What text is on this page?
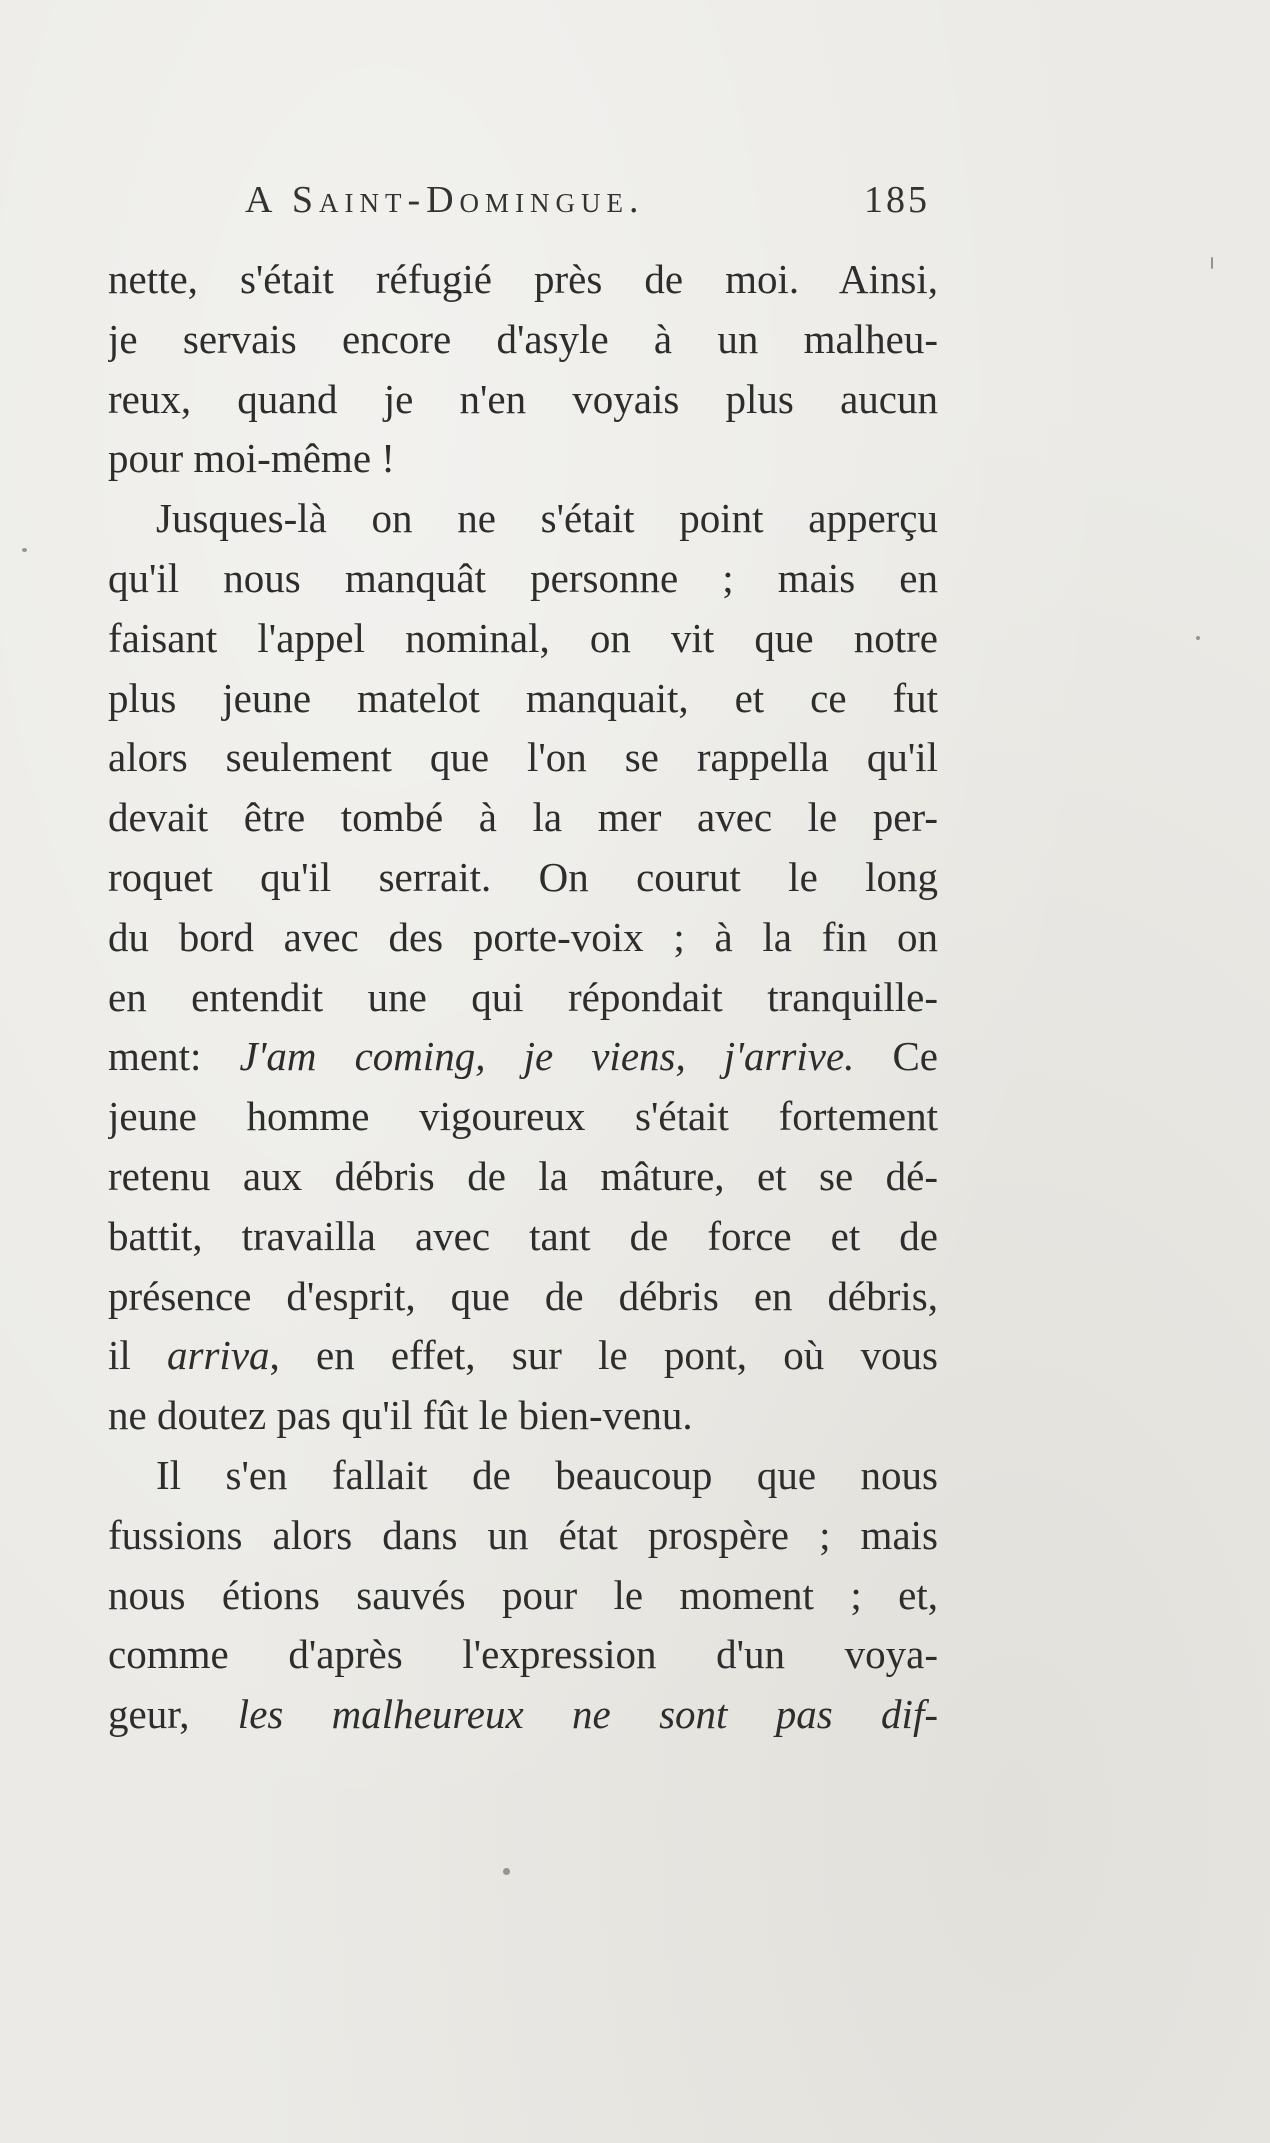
A Saint-Domingue.	185
nette, s'était réfugié près de moi. Ainsi,
je servais encore d'asyle à un malheu-
reux, quand je n'en voyais plus aucun
pour moi-même !
Jusques-là on ne s'était point apperçu
qu'il nous manquât personne ; mais en
faisant l'appel nominal, on vit que notre
plus jeune matelot manquait, et ce fut
alors seulement que l'on se rappella qu'il
devait être tombé à la mer avec le per-
roquet qu'il serrait. On courut le long
du bord avec des porte-voix ; à la fin on
en entendit une qui répondait tranquille-
ment: J'am coming, je viens, j'arrive. Ce
jeune homme vigoureux s'était fortement
retenu aux débris de la mâture, et se dé-
battit, travailla avec tant de force et de
présence d'esprit, que de débris en débris,
il arriva, en effet, sur le pont, où vous
ne doutez pas qu'il fût le bien-venu.
Il s'en fallait de beaucoup que nous
fussions alors dans un état prospère ; mais
nous étions sauvés pour le moment ; et,
comme d'après l'expression d'un voya-
geur, les malheureux ne sont pas dif-
